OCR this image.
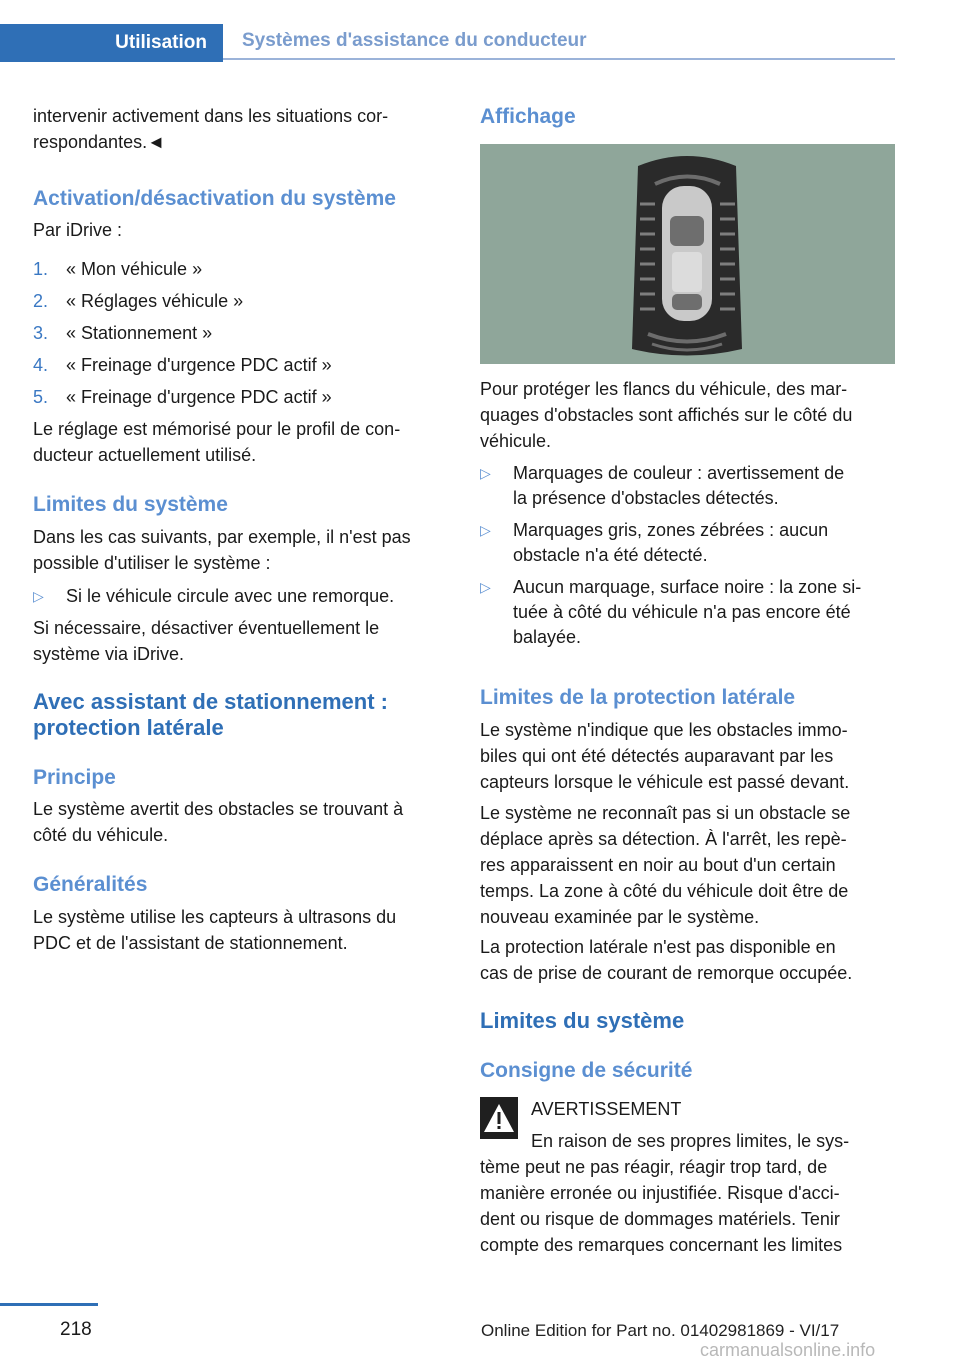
Utilisation	Systèmes d'assistance du conducteur

intervenir activement dans les situations cor‐

respondantes.◄

Activation/désactivation du système

Par iDrive :

1. « Mon véhicule »
2. « Réglages véhicule »
3. « Stationnement »
4. « Freinage d'urgence PDC actif »
5. « Freinage d'urgence PDC actif »

Le réglage est mémorisé pour le profil de con‐

ducteur actuellement utilisé.

Limites du système

Dans les cas suivants, par exemple, il n'est pas

possible d'utiliser le système :

▷ Si le véhicule circule avec une remorque.

Si nécessaire, désactiver éventuellement le

système via iDrive.

Avec assistant de stationnement :
protection latérale
Principe

Le système avertit des obstacles se trouvant à

côté du véhicule.

Généralités

Le système utilise les capteurs à ultrasons du

PDC et de l'assistant de stationnement.

Affichage

Pour protéger les flancs du véhicule, des mar‐

quages d'obstacles sont affichés sur le côté du

véhicule.

▷ Marquages de couleur : avertissement de

la présence d'obstacles détectés.

▷ Marquages gris, zones zébrées : aucun

obstacle n'a été détecté.

▷ Aucun marquage, surface noire : la zone si‐

tuée à côté du véhicule n'a pas encore été

balayée.

Limites de la protection latérale

Le système n'indique que les obstacles immo‐

biles qui ont été détectés auparavant par les

capteurs lorsque le véhicule est passé devant.

Le système ne reconnaît pas si un obstacle se

déplace après sa détection. À l'arrêt, les repè‐

res apparaissent en noir au bout d'un certain

temps. La zone à côté du véhicule doit être de

nouveau examinée par le système.

La protection latérale n'est pas disponible en

cas de prise de courant de remorque occupée.

Limites du système
Consigne de sécurité

AVERTISSEMENT

En raison de ses propres limites, le sys‐

tème peut ne pas réagir, réagir trop tard, de

manière erronée ou injustifiée. Risque d'acci‐

dent ou risque de dommages matériels. Tenir

compte des remarques concernant les limites

218	Online Edition for Part no. 01402981869 - VI/17
carmanualsonline.info
